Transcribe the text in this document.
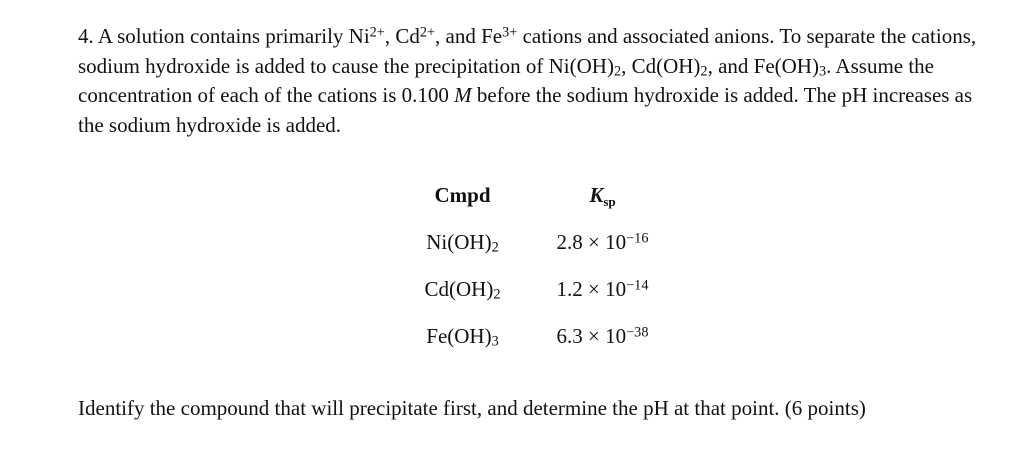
4. A solution contains primarily $Ni^{2+}$, $Cd^{2+}$, and $Fe^{3+}$ cations and associated anions. To separate the cations, sodium hydroxide is added to cause the precipitation of $Ni(OH)_2$, $Cd(OH)_2$, and $Fe(OH)_3$. Assume the concentration of each of the cations is 0.100 M before the sodium hydroxide is added. The pH increases as the sodium hydroxide is added.

Cmpd	$K_{sp}$
$Ni(OH)_2$	$2.8 \times 10^{-16}$
$Cd(OH)_2$	$1.2 \times 10^{-14}$
$Fe(OH)_3$	$6.3 \times 10^{-38}$

Identify the compound that will precipitate first, and determine the pH at that point. (6 points)
